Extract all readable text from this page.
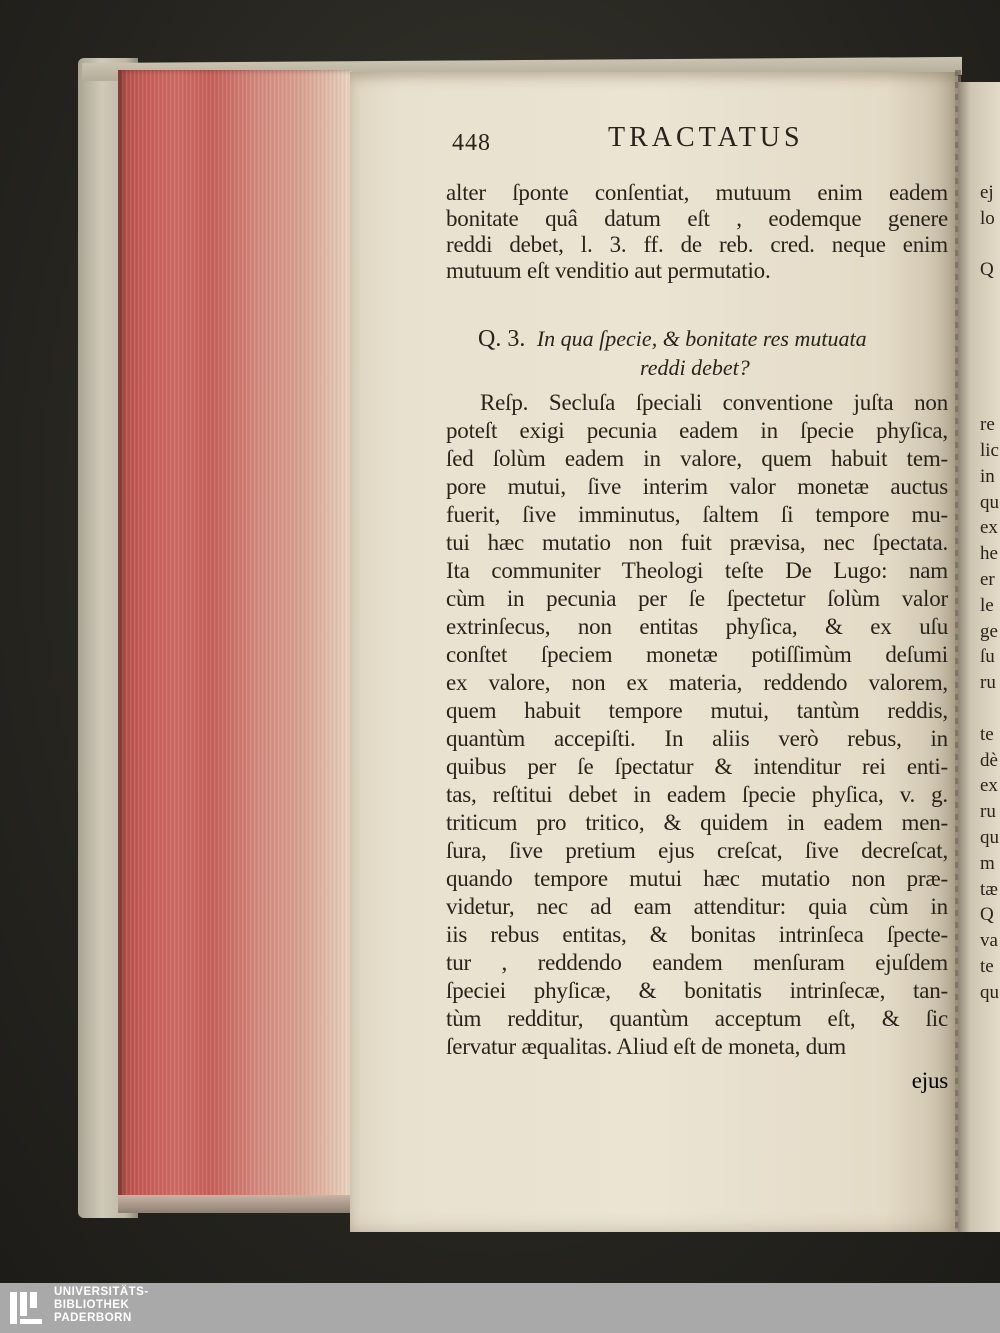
ej
lo

Q

re
lic
in
qu
ex
he
er
le
ge
ſu
ru

te
dè
ex
ru
qu
m
tæ
Q
va
te
qu
448	TRACTATUS
alter ſponte conſentiat, mutuum enim eadem
bonitate quâ datum eſt , eodemque genere
reddi debet, l. 3. ff. de reb. cred. neque enim
mutuum eſt venditio aut permutatio.
Q. 3. In qua ſpecie, & bonitate res mutuata
reddi debet?
Reſp. Secluſa ſpeciali conventione juſta non
poteſt exigi pecunia eadem in ſpecie phyſica,
ſed ſolùm eadem in valore, quem habuit tem-
pore mutui, ſive interim valor monetæ auctus
fuerit, ſive imminutus, ſaltem ſi tempore mu-
tui hæc mutatio non fuit prævisa, nec ſpectata.
Ita communiter Theologi teſte De Lugo: nam
cùm in pecunia per ſe ſpectetur ſolùm valor
extrinſecus, non entitas phyſica, & ex uſu
conſtet ſpeciem monetæ potiſſimùm deſumi
ex valore, non ex materia, reddendo valorem,
quem habuit tempore mutui, tantùm reddis,
quantùm accepiſti. In aliis verò rebus, in
quibus per ſe ſpectatur & intenditur rei enti-
tas, reſtitui debet in eadem ſpecie phyſica, v. g.
triticum pro tritico, & quidem in eadem men-
ſura, ſive pretium ejus creſcat, ſive decreſcat,
quando tempore mutui hæc mutatio non præ-
videtur, nec ad eam attenditur: quia cùm in
iis rebus entitas, & bonitas intrinſeca ſpecte-
tur , reddendo eandem menſuram ejuſdem
ſpeciei phyſicæ, & bonitatis intrinſecæ, tan-
tùm redditur, quantùm acceptum eſt, & ſic
ſervatur æqualitas. Aliud eſt de moneta, dum
ejus
UNIVERSITÄTS-
BIBLIOTHEK
PADERBORN
